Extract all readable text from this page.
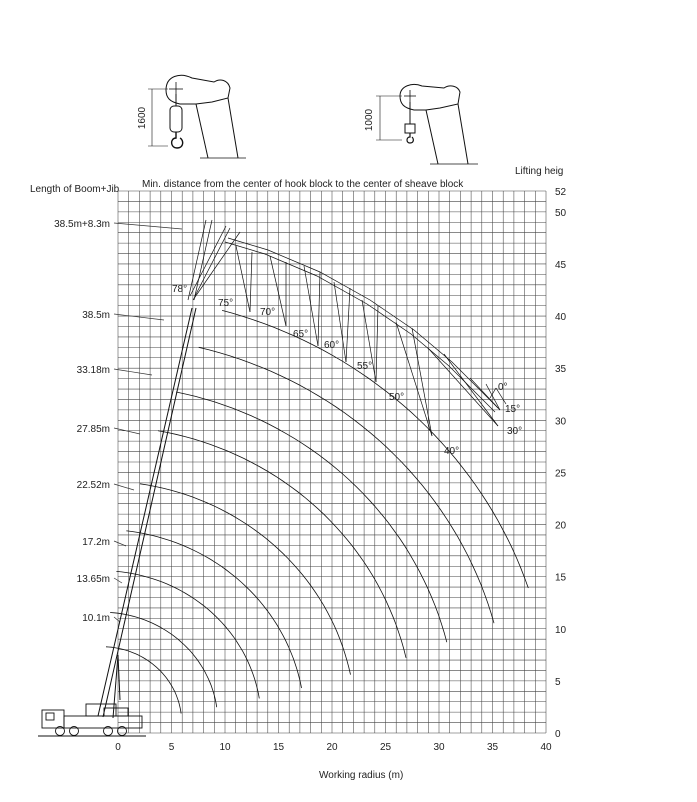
1600	1000
Min. distance from the center of hook block to the center of sheave block
Length of Boom+Jib
Lifting heig
Working radius (m)
0	5	10	15	20	25	30	35	40
0
5
10
15
20
25
30
35
40
45
50
52
38.5m+8.3m
38.5m
33.18m
27.85m
22.52m
17.2m
13.65m
10.1m
75°
70°
65°
60°
55°
50°
40°
30°
15°
0°
78°
